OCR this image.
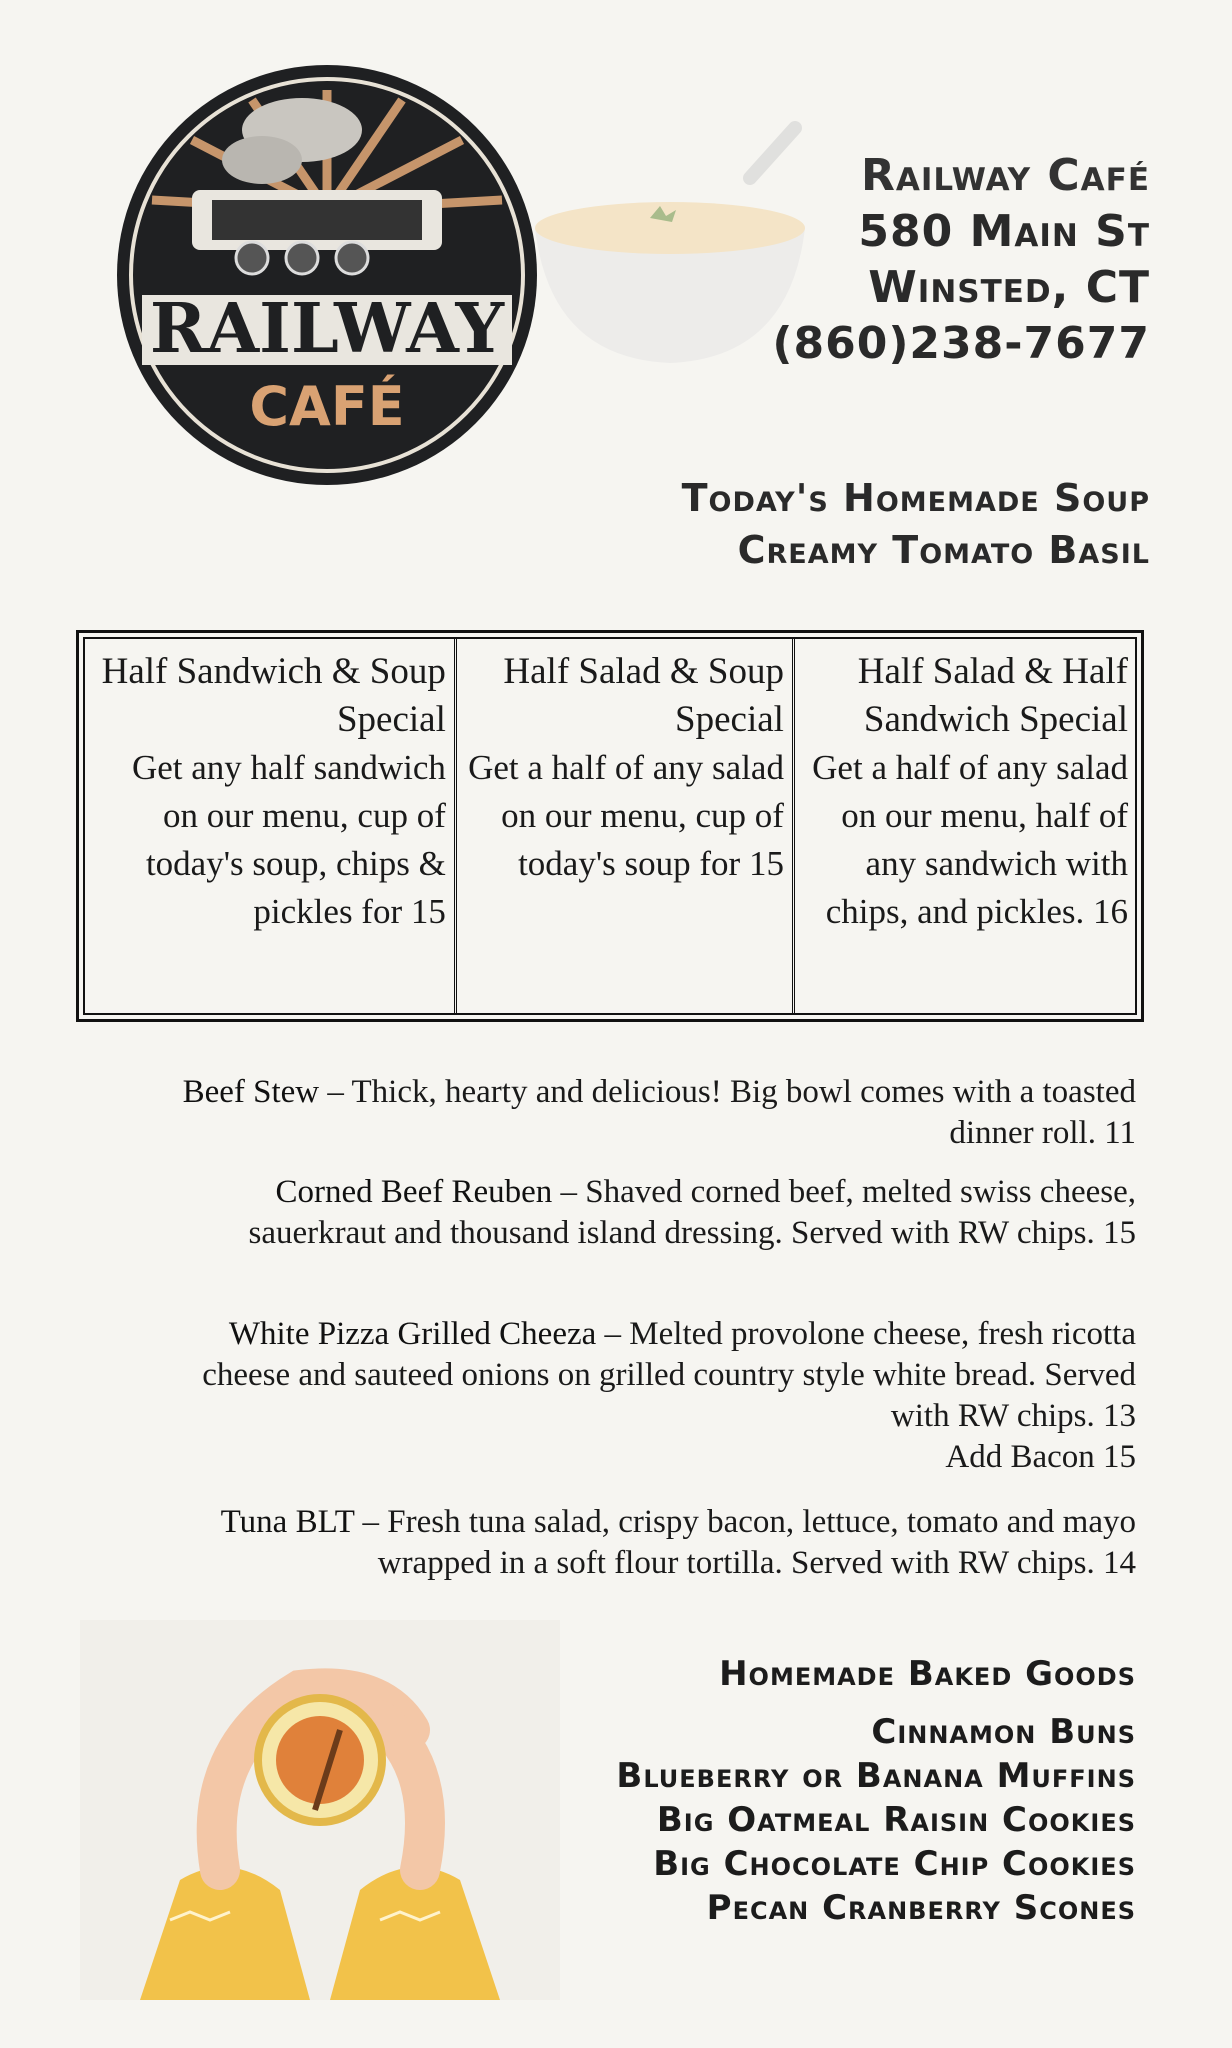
RAILWAY
CAFÉ
Railway Café
580 Main St
Winsted, CT
(860)238-7677
Today's Homemade Soup
Creamy Tomato Basil
Half Sandwich & Soup Special
Get any half sandwich on our menu, cup of today's soup, chips & pickles for 15
Half Salad & Soup Special
Get a half of any salad on our menu, cup of today's soup for 15
Half Salad & Half Sandwich Special
Get a half of any salad on our menu, half of any sandwich with chips, and pickles. 16
Beef Stew – Thick, hearty and delicious! Big bowl comes with a toasted dinner roll. 11
Corned Beef Reuben – Shaved corned beef, melted swiss cheese, sauerkraut and thousand island dressing. Served with RW chips. 15
White Pizza Grilled Cheeza – Melted provolone cheese, fresh ricotta cheese and sauteed onions on grilled country style white bread. Served with RW chips. 13
Add Bacon 15
Tuna BLT – Fresh tuna salad, crispy bacon, lettuce, tomato and mayo wrapped in a soft flour tortilla. Served with RW chips. 14
Homemade Baked Goods
Cinnamon Buns
Blueberry or Banana Muffins
Big Oatmeal Raisin Cookies
Big Chocolate Chip Cookies
Pecan Cranberry Scones
